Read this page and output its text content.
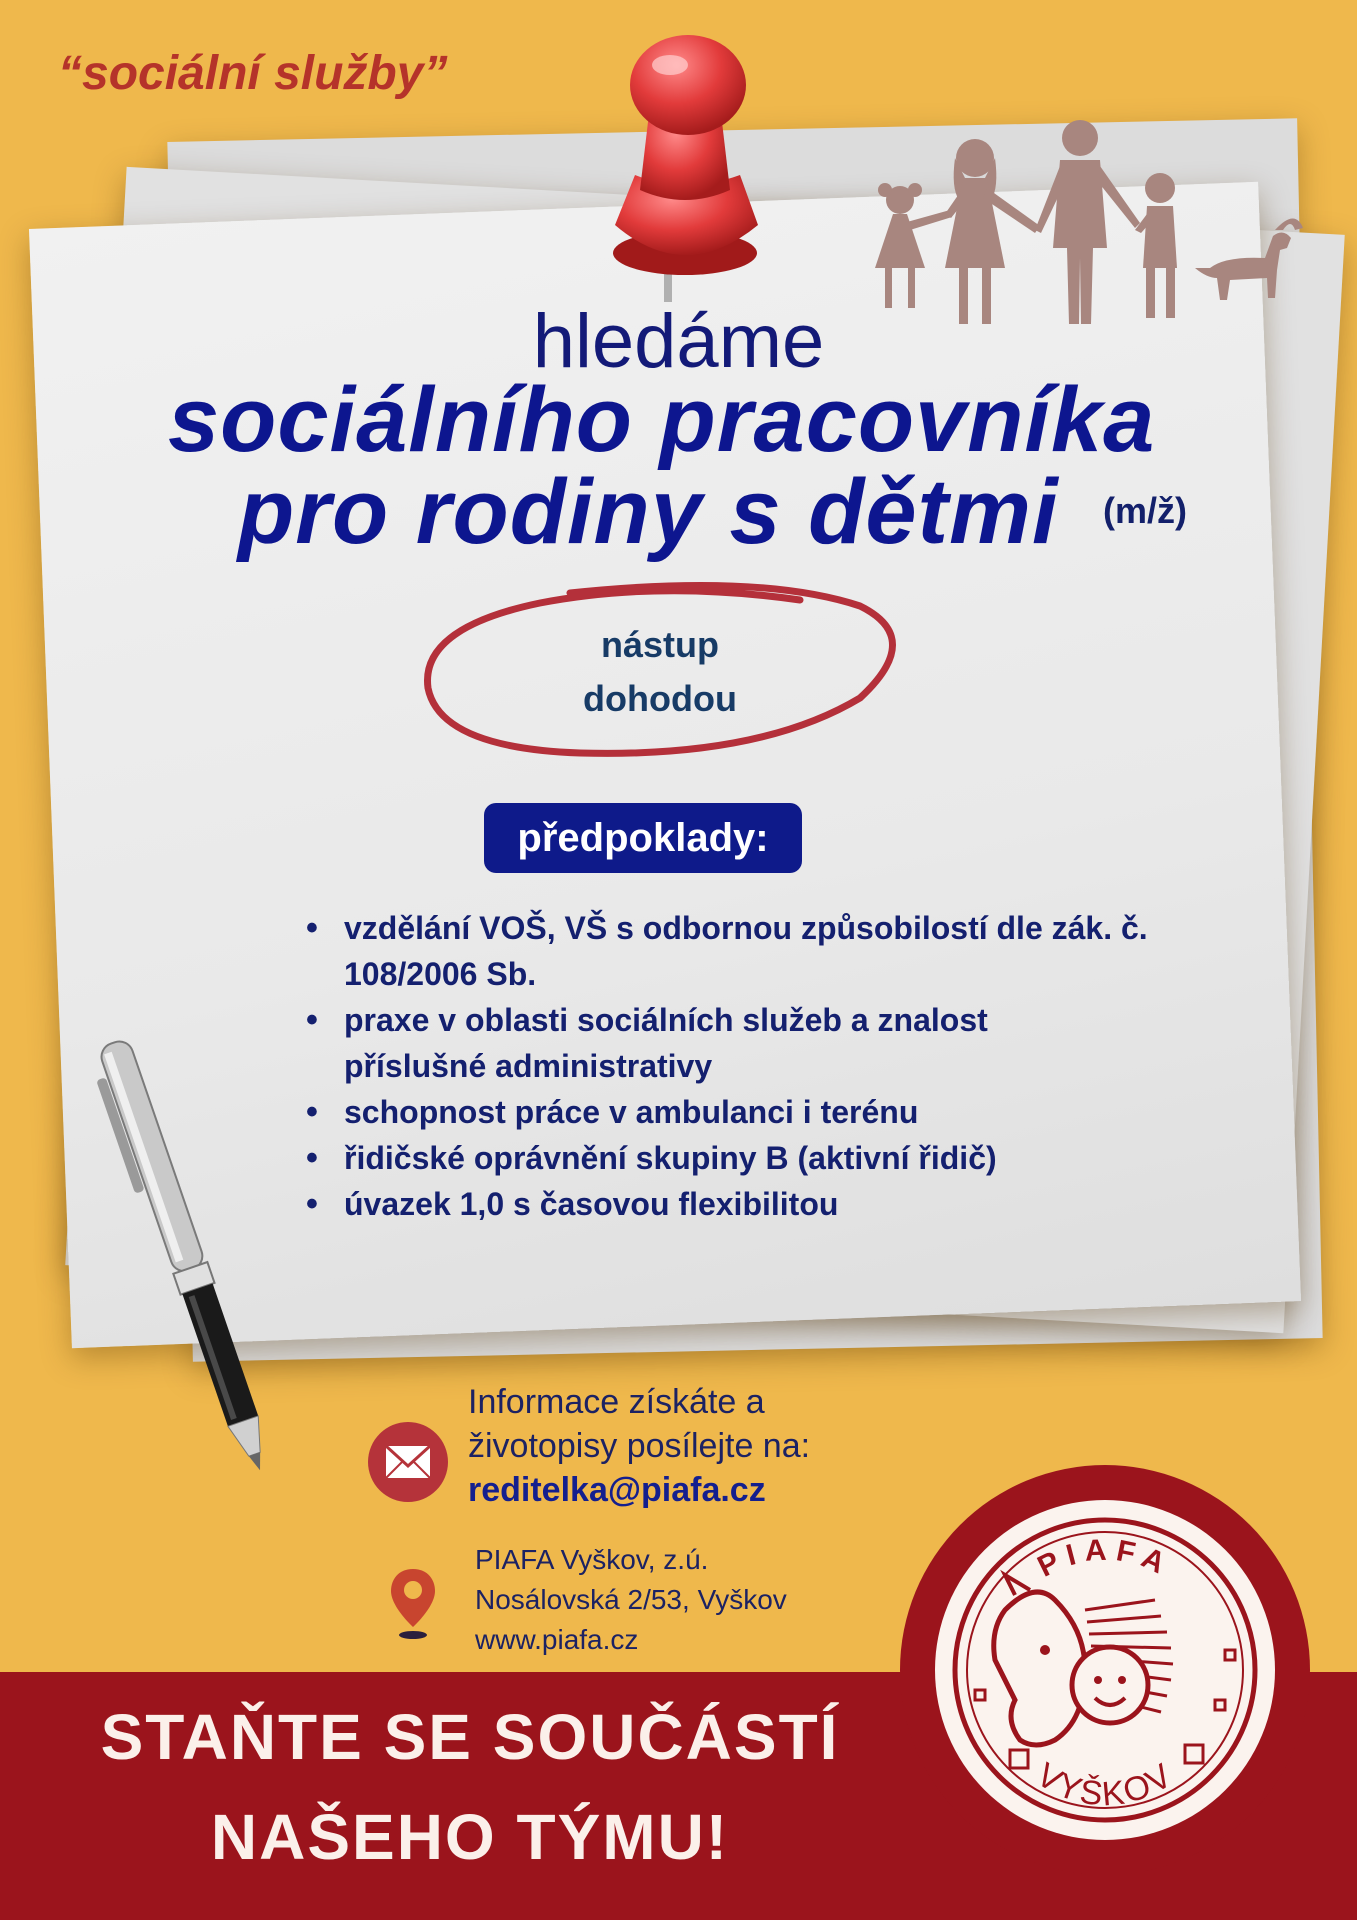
“sociální služby”
hledáme
sociálního pracovníka
pro rodiny s dětmi (m/ž)
nástup
dohodou
předpoklady:
• vzdělání VOŠ, VŠ s odbornou způsobilostí dle zák. č. 108/2006 Sb.
• praxe v oblasti sociálních služeb a znalost příslušné administrativy
• schopnost práce v ambulanci i terénu
• řidičské oprávnění skupiny B (aktivní řidič)
• úvazek 1,0 s časovou flexibilitou
Informace získáte a
životopisy posílejte na:
reditelka@piafa.cz
PIAFA Vyškov, z.ú.
Nosálovská 2/53, Vyškov
www.piafa.cz
STAŇTE SE SOUČÁSTÍ
NAŠEHO TÝMU!
PIAFA
VYŠKOV
